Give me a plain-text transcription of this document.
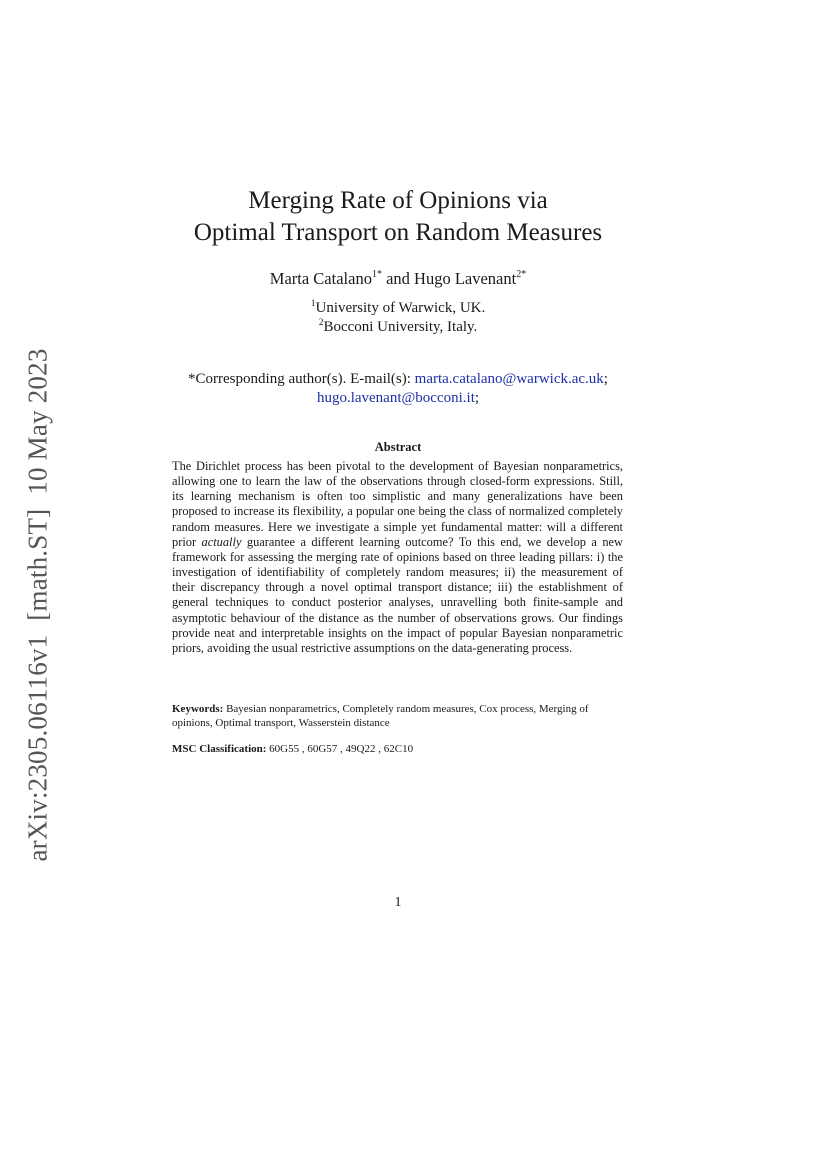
arXiv:2305.06116v1[math.ST]10 May 2023
Merging Rate of Opinions via
Optimal Transport on Random Measures
Marta Catalano$^{1*}$ and Hugo Lavenant$^{2*}$
$^1$University of Warwick, UK.
$^2$Bocconi University, Italy.
*Corresponding author(s). E-mail(s): marta.catalano@warwick.ac.uk;
hugo.lavenant@bocconi.it;
Abstract
The Dirichlet process has been pivotal to the development of Bayesian nonparametrics, allowing one to learn the law of the observations through closed-form expressions. Still, its learning mechanism is often too simplistic and many generalizations have been proposed to increase its flexibility, a popular one being the class of normalized completely random measures. Here we investigate a simple yet fundamental matter: will a different prior actually guarantee a different learning outcome? To this end, we develop a new framework for assessing the merging rate of opinions based on three leading pillars: i) the investigation of identifiability of completely random measures; ii) the measurement of their discrepancy through a novel optimal transport distance; iii) the establishment of general techniques to conduct posterior analyses, unravelling both finite-sample and asymptotic behaviour of the distance as the number of observations grows. Our findings provide neat and interpretable insights on the impact of popular Bayesian nonparametric priors, avoiding the usual restrictive assumptions on the data-generating process.
Keywords: Bayesian nonparametrics, Completely random measures, Cox process, Merging of opinions, Optimal transport, Wasserstein distance
MSC Classification: 60G55 , 60G57 , 49Q22 , 62C10
1
